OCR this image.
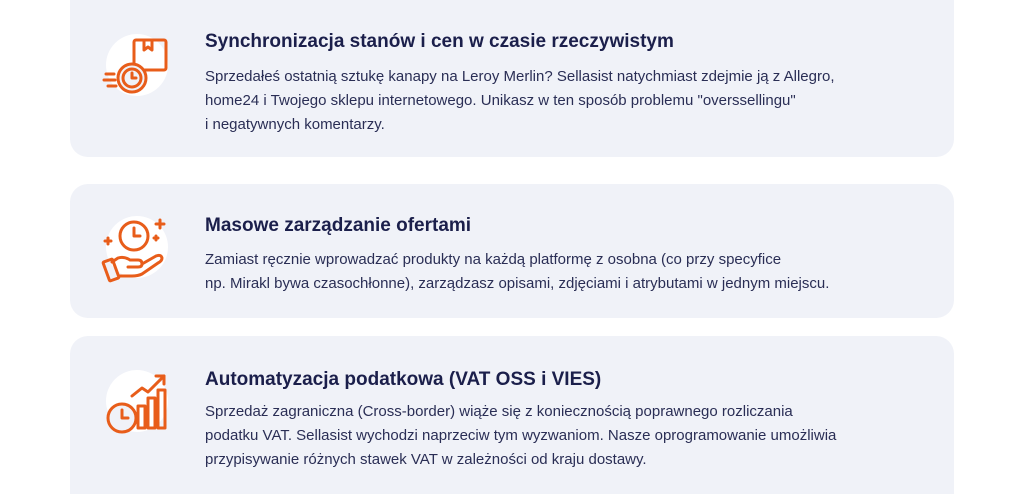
Synchronizacja stanów i cen w czasie rzeczywistym

Sprzedałeś ostatnią sztukę kanapy na Leroy Merlin? Sellasist natychmiast zdejmie ją z Allegro,
home24 i Twojego sklepu internetowego. Unikasz w ten sposób problemu "overssellingu"
i negatywnych komentarzy.

Masowe zarządzanie ofertami

Zamiast ręcznie wprowadzać produkty na każdą platformę z osobna (co przy specyfice
np. Mirakl bywa czasochłonne), zarządzasz opisami, zdjęciami i atrybutami w jednym miejscu.

Automatyzacja podatkowa (VAT OSS i VIES)

Sprzedaż zagraniczna (Cross-border) wiąże się z koniecznością poprawnego rozliczania
podatku VAT. Sellasist wychodzi naprzeciw tym wyzwaniom. Nasze oprogramowanie umożliwia
przypisywanie różnych stawek VAT w zależności od kraju dostawy.
